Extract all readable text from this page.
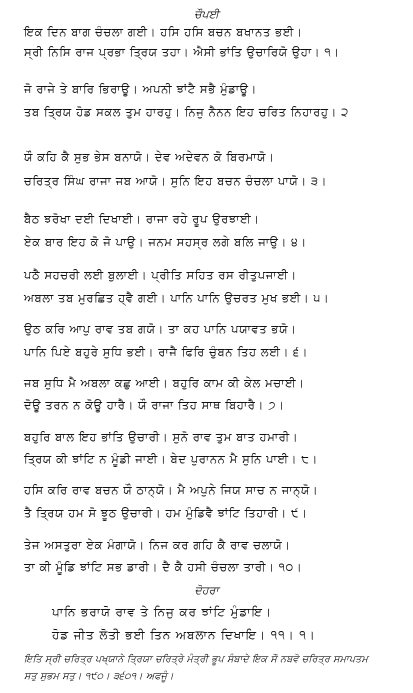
ਚੌਪਈ
ਇਕ ਦਿਨ ਬਾਗ ਚੰਚਲਾ ਗਈ। ਹਸਿ ਹਸਿ ਬਚਨ ਬਖਾਨਤ ਭਈ।
ਸ੍ਰੀ ਨਿਸਿ ਰਾਜ ਪ੍ਰਭਾ ਤ੍ਰਿਯ ਤਹਾ। ਐਸੀ ਭਾਂਤਿ ਉਚਾਰਿਯੋ ਉਹਾ। ੧।
ਜੋ ਰਾਜੇ ਤੇ ਬਾਰਿ ਭਿਰਾਊ। ਅਪਨੀ ਝਾਂਟੈ ਸਭੈ ਮੁੰਡਾਊ।
ਤਬ ਤ੍ਰਿਯ ਹੋਡ ਸਕਲ ਤੁਮ ਹਾਰਹੁ। ਨਿਜੁ ਨੈਨਨ ਇਹ ਚਰਿਤ ਨਿਹਾਰਹੁ। ੨
ਯੌ ਕਹਿ ਕੈ ਸੁਭ ਭੇਸ ਬਨਾਯੋ। ਦੇਵ ਅਦੇਵਨ ਕੋ ਬਿਰਮਾਯੋ।
ਚਰਿਤ੍ਰ ਸਿੰਘ ਰਾਜਾ ਜਬ ਆਯੋ। ਸੁਨਿ ਇਹ ਬਚਨ ਚੰਚਲਾ ਪਾਯੋ। ੩।
ਬੈਠ ਝਰੋਖਾ ਦਈ ਦਿਖਾਈ। ਰਾਜਾ ਰਹੇ ਰੂਪ ਉਰਝਾਈ।
ਏਕ ਬਾਰ ਇਹ ਕੋ ਜੋ ਪਾਉ। ਜਨਮ ਸਹਸ੍ਰ ਲਗੇ ਬਲਿ ਜਾਉ। ੪।
ਪਠੈ ਸਹਚਰੀ ਲਈ ਬੁਲਾਈ। ਪ੍ਰੀਤਿ ਸਹਿਤ ਰਸ ਰੀਤੁਪਜਾਈ।
ਅਬਲਾ ਤਬ ਮੁਰਛਿਤ ਹ੍ਵੈ ਗਈ। ਪਾਨਿ ਪਾਨਿ ਉਚਰਤ ਮੁਖ ਭਈ। ੫।
ਉਠ ਕਰਿ ਆਪੁ ਰਾਵ ਤਬ ਗਯੋ। ਤਾ ਕਹ ਪਾਨਿ ਪਯਾਵਤ ਭਯੋ।
ਪਾਨਿ ਪਿਏ ਬਹੁਰੇ ਸੁਧਿ ਭਈ। ਰਾਜੈ ਫਿਰਿ ਚੁੰਬਨ ਤਿਹ ਲਈ। ੬।
ਜਬ ਸੁਧਿ ਮੈ ਅਬਲਾ ਕਛੁ ਆਈ। ਬਹੁਰਿ ਕਾਮ ਕੀ ਕੇਲ ਮਚਾਈ।
ਦੋਊ ਤਰਨ ਨ ਕੋਊ ਹਾਰੈ। ਯੌ ਰਾਜਾ ਤਿਹ ਸਾਥ ਬਿਹਾਰੈ। ੭।
ਬਹੁਰਿ ਬਾਲ ਇਹ ਭਾਂਤਿ ਉਚਾਰੀ। ਸੁਨੋ ਰਾਵ ਤੁਮ ਬਾਤ ਹਮਾਰੀ।
ਤ੍ਰਿਯ ਕੀ ਝਾਂਟਿ ਨ ਮੂੰਡੀ ਜਾਈ। ਬੇਦ ਪੁਰਾਨਨ ਮੈ ਸੁਨਿ ਪਾਈ। ੮।
ਹਸਿ ਕਰਿ ਰਾਵ ਬਚਨ ਯੌ ਠਾਨ੍ਯੋ। ਮੈ ਅਪੁਨੇ ਜਿਯ ਸਾਚ ਨ ਜਾਨ੍ਯੋ।
ਤੈ ਤ੍ਰਿਯ ਹਮ ਸੋ ਝੂਠ ਉਚਾਰੀ। ਹਮ ਮੁੰਡਿਵੈ ਝਾਂਟਿ ਤਿਹਾਰੀ। ੯।
ਤੇਜ ਅਸਤੁਰਾ ਏਕ ਮੰਗਾਯੋ। ਨਿਜ ਕਰ ਗਹਿ ਕੈ ਰਾਵ ਚਲਾਯੋ।
ਤਾ ਕੀ ਮੂੰਡਿ ਝਾਂਟਿ ਸਭ ਡਾਰੀ। ਦੈ ਕੈ ਹਸੀ ਚੰਚਲਾ ਤਾਰੀ। ੧੦।
ਦੋਹਰਾ
ਪਾਨਿ ਭਰਾਯੋ ਰਾਵ ਤੇ ਨਿਜੁ ਕਰ ਝਾਂਟਿ ਮੁੰਡਾਇ।
ਹੋਡ ਜੀਤ ਲੋਤੀ ਭਈ ਤਿਨ ਅਬਲਾਨ ਦਿਖਾਇ। ੧੧। ੧।
ਇਤਿ ਸ੍ਰੀ ਚਰਿਤ੍ਰ ਪਖ੍ਯਾਨੇ ਤ੍ਰਿਯਾ ਚਰਿਤ੍ਰੇ ਮੰਤ੍ਰੀ ਭੂਪ ਸੰਬਾਦੇ ਇਕ ਸੌ ਨਬਵੋ ਚਰਿਤ੍ਰ ਸਮਾਪਤਮ
ਸਤੁ ਸੁਭਮ ਸਤੁ। ੧੯੦। ੩੬੦੧। ਅਫਜੂੰ।
